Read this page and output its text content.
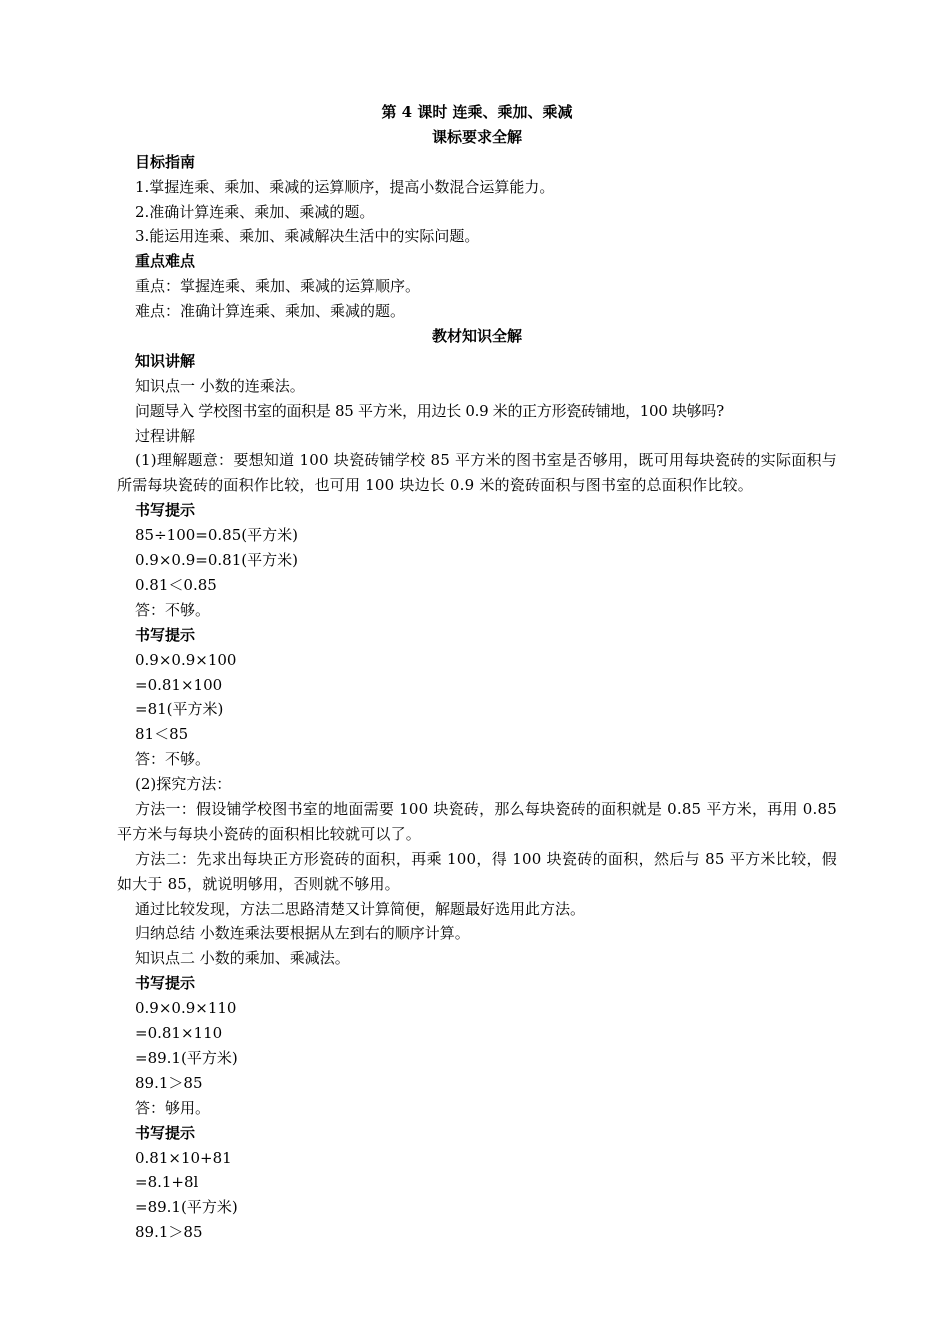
第 4 课时 连乘、乘加、乘减
课标要求全解
目标指南
1.掌握连乘、乘加、乘减的运算顺序，提高小数混合运算能力。
2.准确计算连乘、乘加、乘减的题。
3.能运用连乘、乘加、乘减解决生活中的实际问题。
重点难点
重点：掌握连乘、乘加、乘减的运算顺序。
难点：准确计算连乘、乘加、乘减的题。
教材知识全解
知识讲解
知识点一 小数的连乘法。
问题导入 学校图书室的面积是 85 平方米，用边长 0.9 米的正方形瓷砖铺地，100 块够吗?
过程讲解
(1)理解题意：要想知道 100 块瓷砖铺学校 85 平方米的图书室是否够用，既可用每块瓷砖的实际面积与所需每块瓷砖的面积作比较，也可用 100 块边长 0.9 米的瓷砖面积与图书室的总面积作比较。
书写提示
85÷100=0.85(平方米)
0.9×0.9=0.81(平方米)
0.81＜0.85
答：不够。
书写提示
0.9×0.9×100
=0.81×100
=81(平方米)
81＜85
答：不够。
(2)探究方法：
方法一：假设铺学校图书室的地面需要 100 块瓷砖，那么每块瓷砖的面积就是 0.85 平方米，再用 0.85 平方米与每块小瓷砖的面积相比较就可以了。
方法二：先求出每块正方形瓷砖的面积，再乘 100，得 100 块瓷砖的面积，然后与 85 平方米比较，假如大于 85，就说明够用，否则就不够用。
通过比较发现，方法二思路清楚又计算简便，解题最好选用此方法。
归纳总结 小数连乘法要根据从左到右的顺序计算。
知识点二 小数的乘加、乘减法。
书写提示
0.9×0.9×110
=0.81×110
=89.1(平方米)
89.1＞85
答：够用。
书写提示
0.81×10+81
=8.1+8l
=89.1(平方米)
89.1＞85
